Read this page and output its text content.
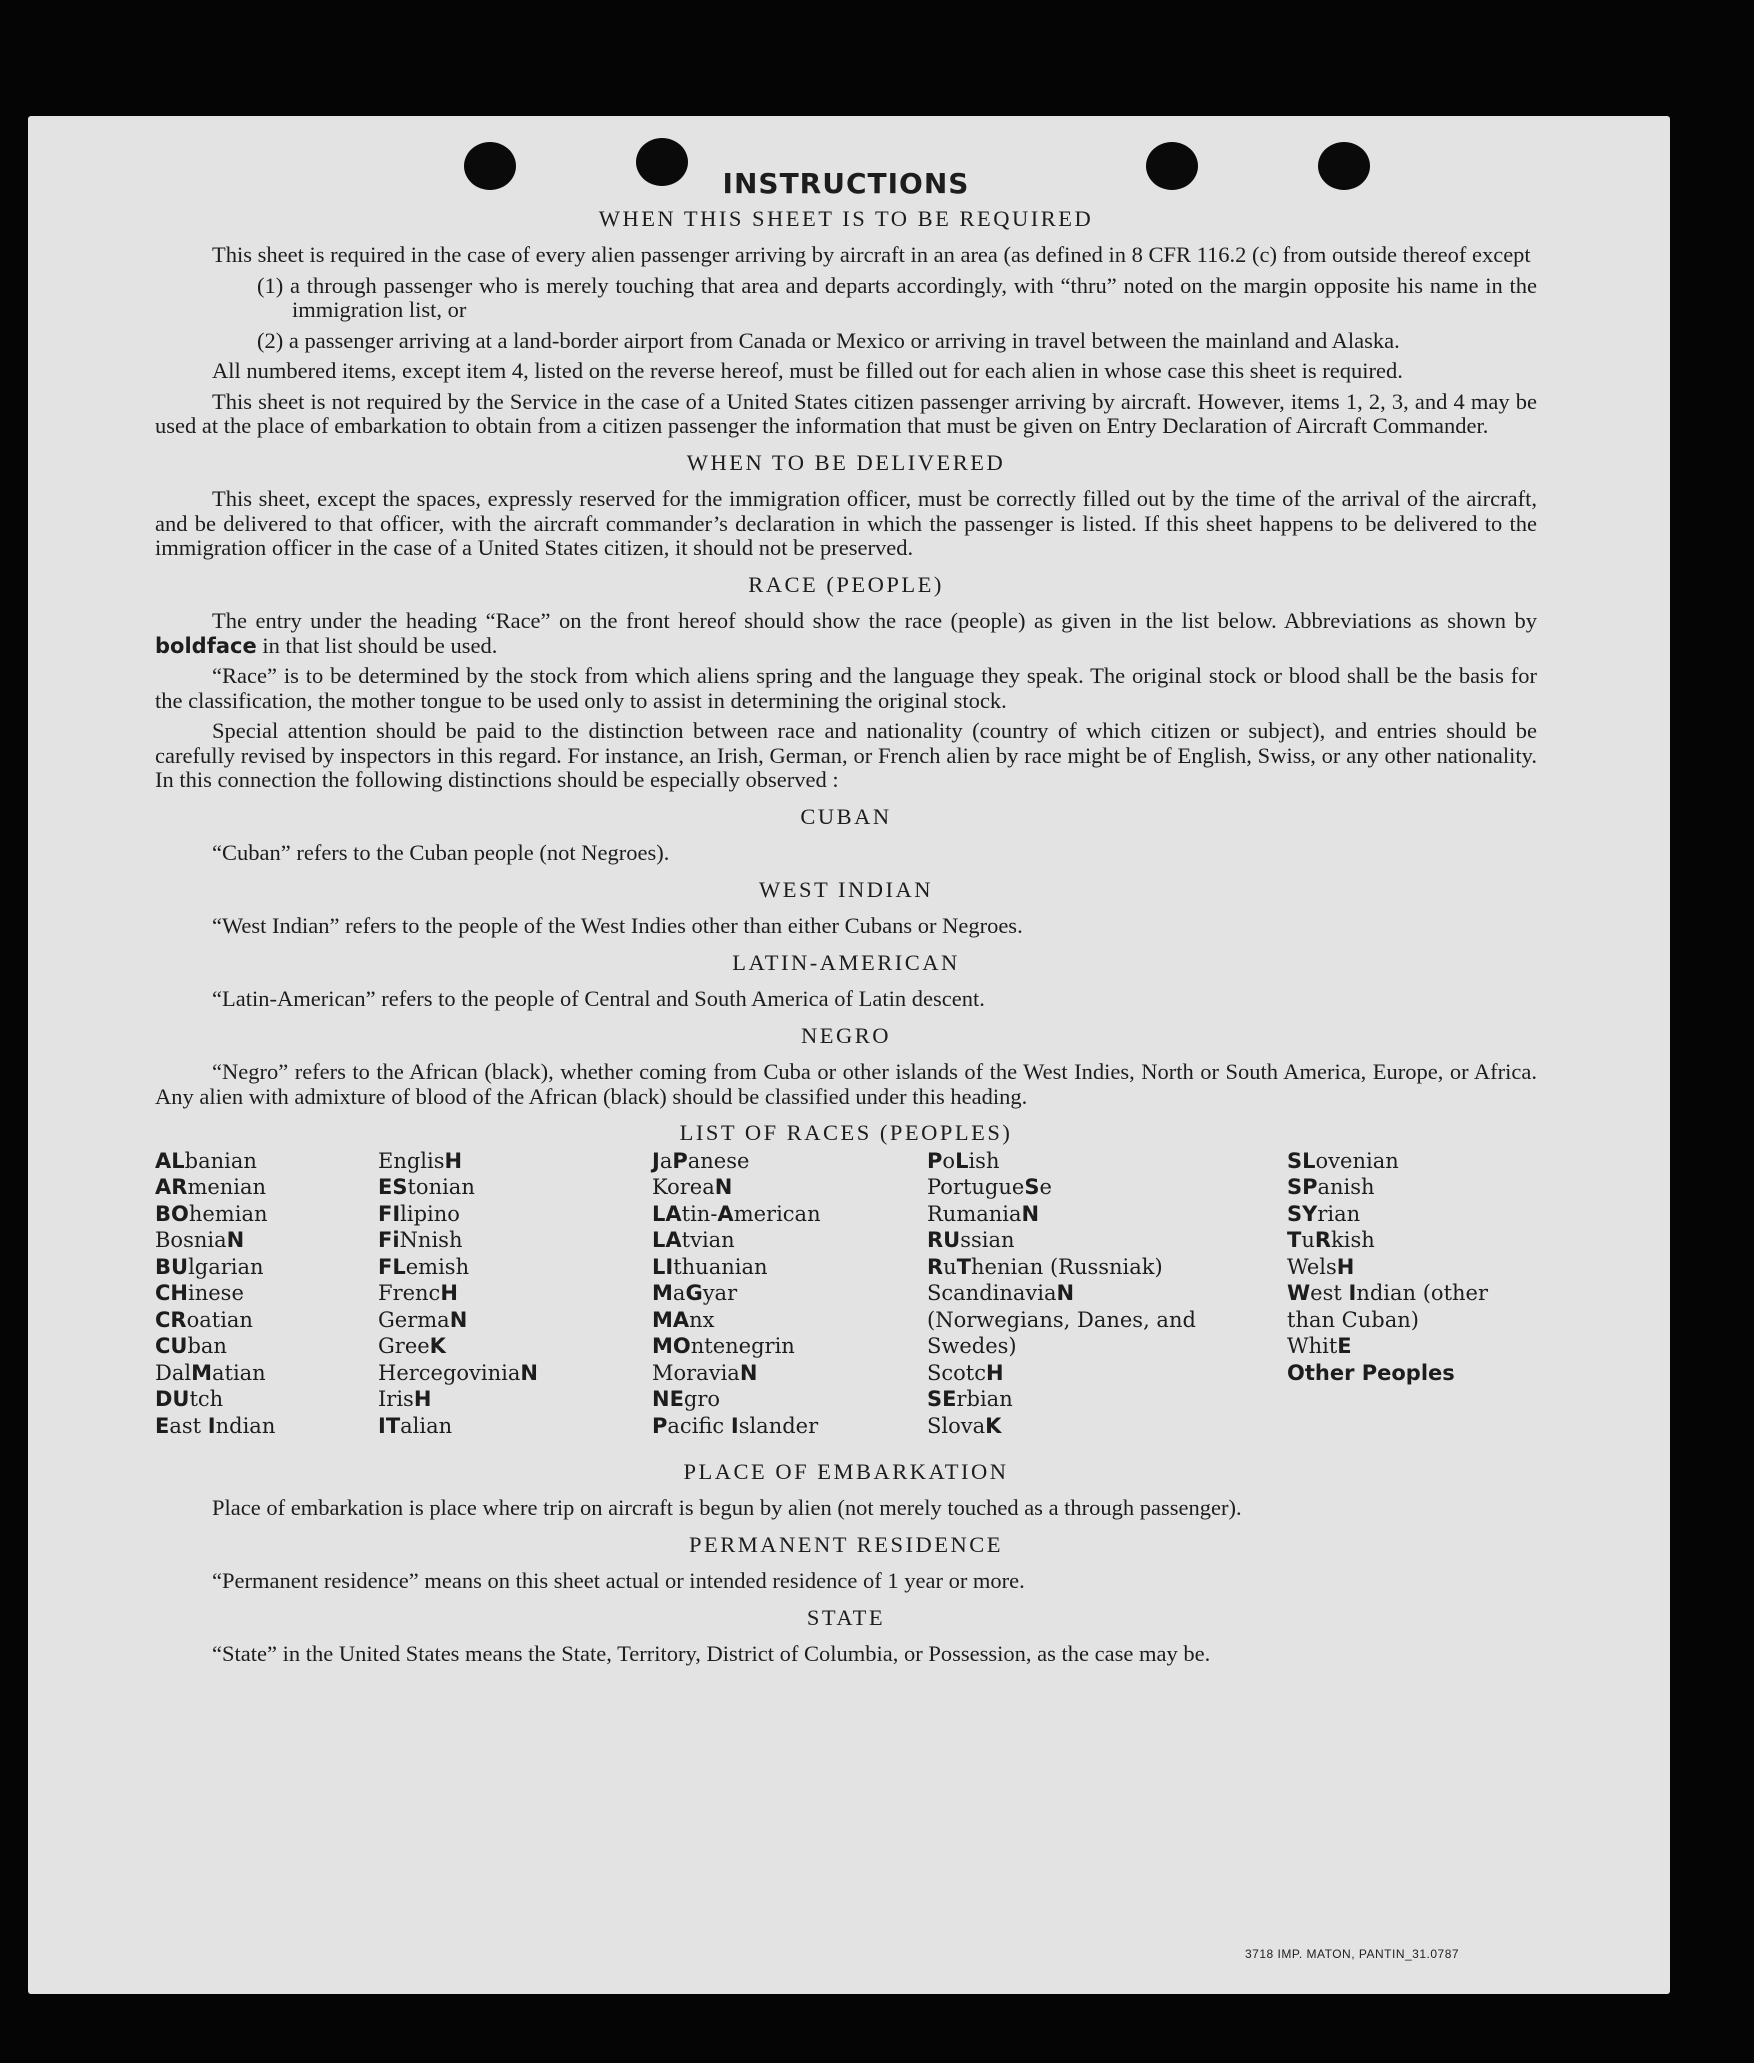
INSTRUCTIONS
WHEN THIS SHEET IS TO BE REQUIRED

This sheet is required in the case of every alien passenger arriving by aircraft in an area (as defined in 8 CFR 116.2 (c) from outside thereof except

(1) a through passenger who is merely touching that area and departs accordingly, with “thru” noted on the margin opposite his name in the immigration list, or

(2) a passenger arriving at a land-border airport from Canada or Mexico or arriving in travel between the mainland and Alaska.

All numbered items, except item 4, listed on the reverse hereof, must be filled out for each alien in whose case this sheet is required.

This sheet is not required by the Service in the case of a United States citizen passenger arriving by aircraft. However, items 1, 2, 3, and 4 may be used at the place of embarkation to obtain from a citizen passenger the information that must be given on Entry Declaration of Aircraft Commander.

WHEN TO BE DELIVERED

This sheet, except the spaces, expressly reserved for the immigration officer, must be correctly filled out by the time of the arrival of the aircraft, and be delivered to that officer, with the aircraft commander’s declaration in which the passenger is listed. If this sheet happens to be delivered to the immigration officer in the case of a United States citizen, it should not be preserved.

RACE (PEOPLE)

The entry under the heading “Race” on the front hereof should show the race (people) as given in the list below. Abbreviations as shown by boldface in that list should be used.

“Race” is to be determined by the stock from which aliens spring and the language they speak. The original stock or blood shall be the basis for the classification, the mother tongue to be used only to assist in determining the original stock.

Special attention should be paid to the distinction between race and nationality (country of which citizen or subject), and entries should be carefully revised by inspectors in this regard. For instance, an Irish, German, or French alien by race might be of English, Swiss, or any other nationality. In this connection the following distinctions should be especially observed :

CUBAN

“Cuban” refers to the Cuban people (not Negroes).

WEST INDIAN

“West Indian” refers to the people of the West Indies other than either Cubans or Negroes.

LATIN-AMERICAN

“Latin-American” refers to the people of Central and South America of Latin descent.

NEGRO

“Negro” refers to the African (black), whether coming from Cuba or other islands of the West Indies, North or South America, Europe, or Africa. Any alien with admixture of blood of the African (black) should be classified under this heading.

LIST OF RACES (PEOPLES)
ALbanian
ARmenian
BOhemian
BosniaN
BUlgarian
CHinese
CRoatian
CUban
DalMatian
DUtch
East Indian
EnglisH
EStonian
FIlipino
FiNnish
FLemish
FrencH
GermaN
GreeK
HercegoviniaN
IrisH
ITalian
JaPanese
KoreaN
LAtin-American
LAtvian
LIthuanian
MaGyar
MAnx
MOntenegrin
MoraviaN
NEgro
Pacific Islander
PoLish
PortugueSe
RumaniaN
RUssian
RuThenian (Russniak)
ScandinaviaN (Norwegians, Danes, and Swedes)
ScotcH
SErbian
SlovaK
SLovenian
SPanish
SYrian
TuRkish
WelsH
West Indian (other than Cuban)
WhitE
Other Peoples
PLACE OF EMBARKATION

Place of embarkation is place where trip on aircraft is begun by alien (not merely touched as a through passenger).

PERMANENT RESIDENCE

“Permanent residence” means on this sheet actual or intended residence of 1 year or more.

STATE

“State” in the United States means the State, Territory, District of Columbia, or Possession, as the case may be.

3718 IMP. MATON, PANTIN_31.0787
